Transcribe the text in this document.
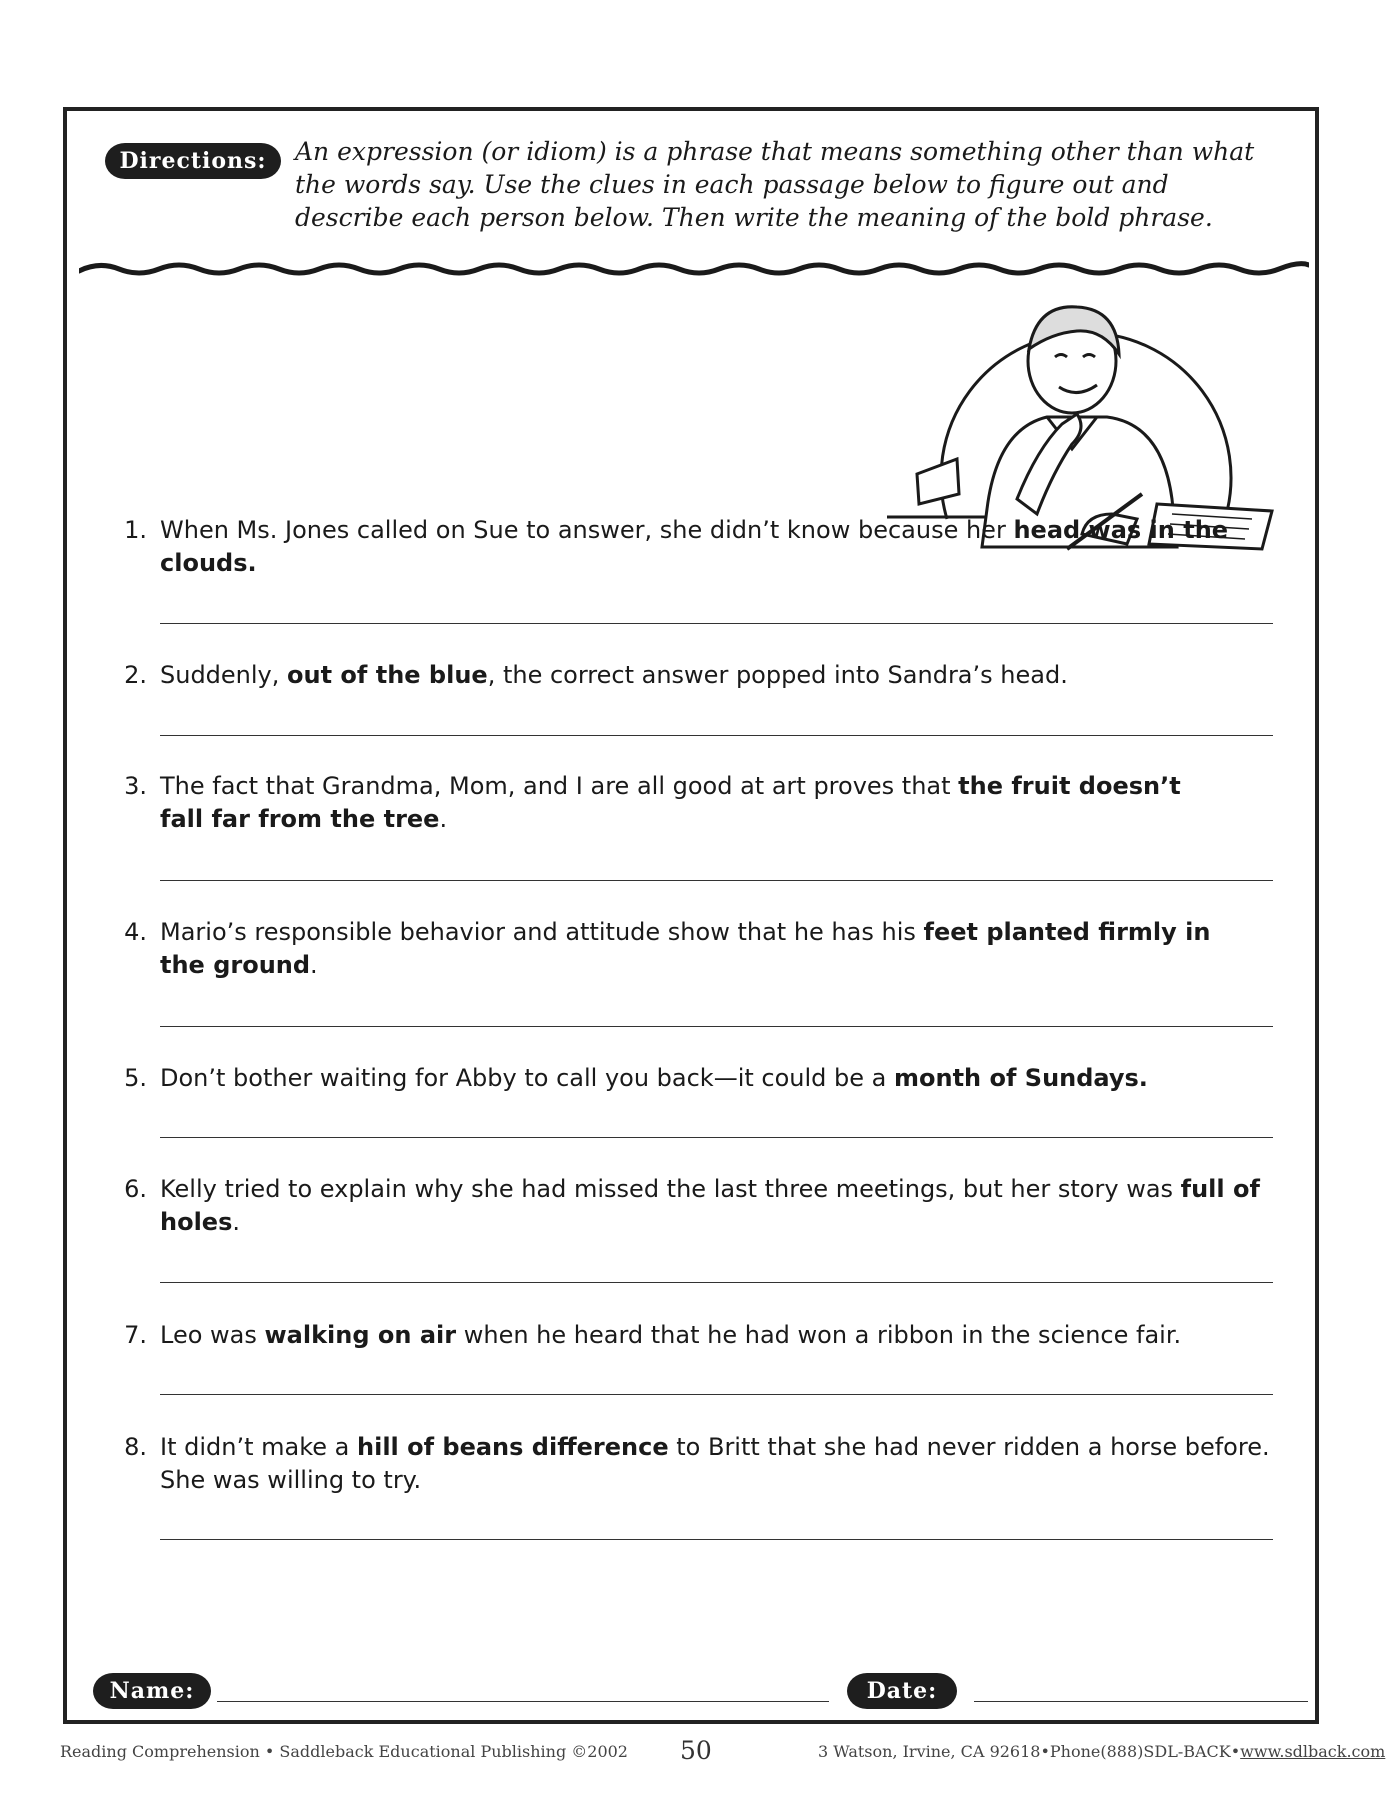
Directions:	An expression (or idiom) is a phrase that means something other than what the words say. Use the clues in each passage below to figure out and describe each person below. Then write the meaning of the bold phrase.

1. When Ms. Jones called on Sue to answer, she didn’t know because her head was in the clouds.
2. Suddenly, out of the blue, the correct answer popped into Sandra’s head.
3. The fact that Grandma, Mom, and I are all good at art proves that the fruit doesn’t fall far from the tree.
4. Mario’s responsible behavior and attitude show that he has his feet planted firmly in the ground.
5. Don’t bother waiting for Abby to call you back—it could be a month of Sundays.
6. Kelly tried to explain why she had missed the last three meetings, but her story was full of holes.
7. Leo was walking on air when he heard that he had won a ribbon in the science fair.
8. It didn’t make a hill of beans difference to Britt that she had never ridden a horse before. She was willing to try.
Name:	Date:
Reading Comprehension • Saddleback Educational Publishing ©2002 50	3 Watson, Irvine, CA 92618•Phone(888)SDL-BACK•www.sdlback.com
